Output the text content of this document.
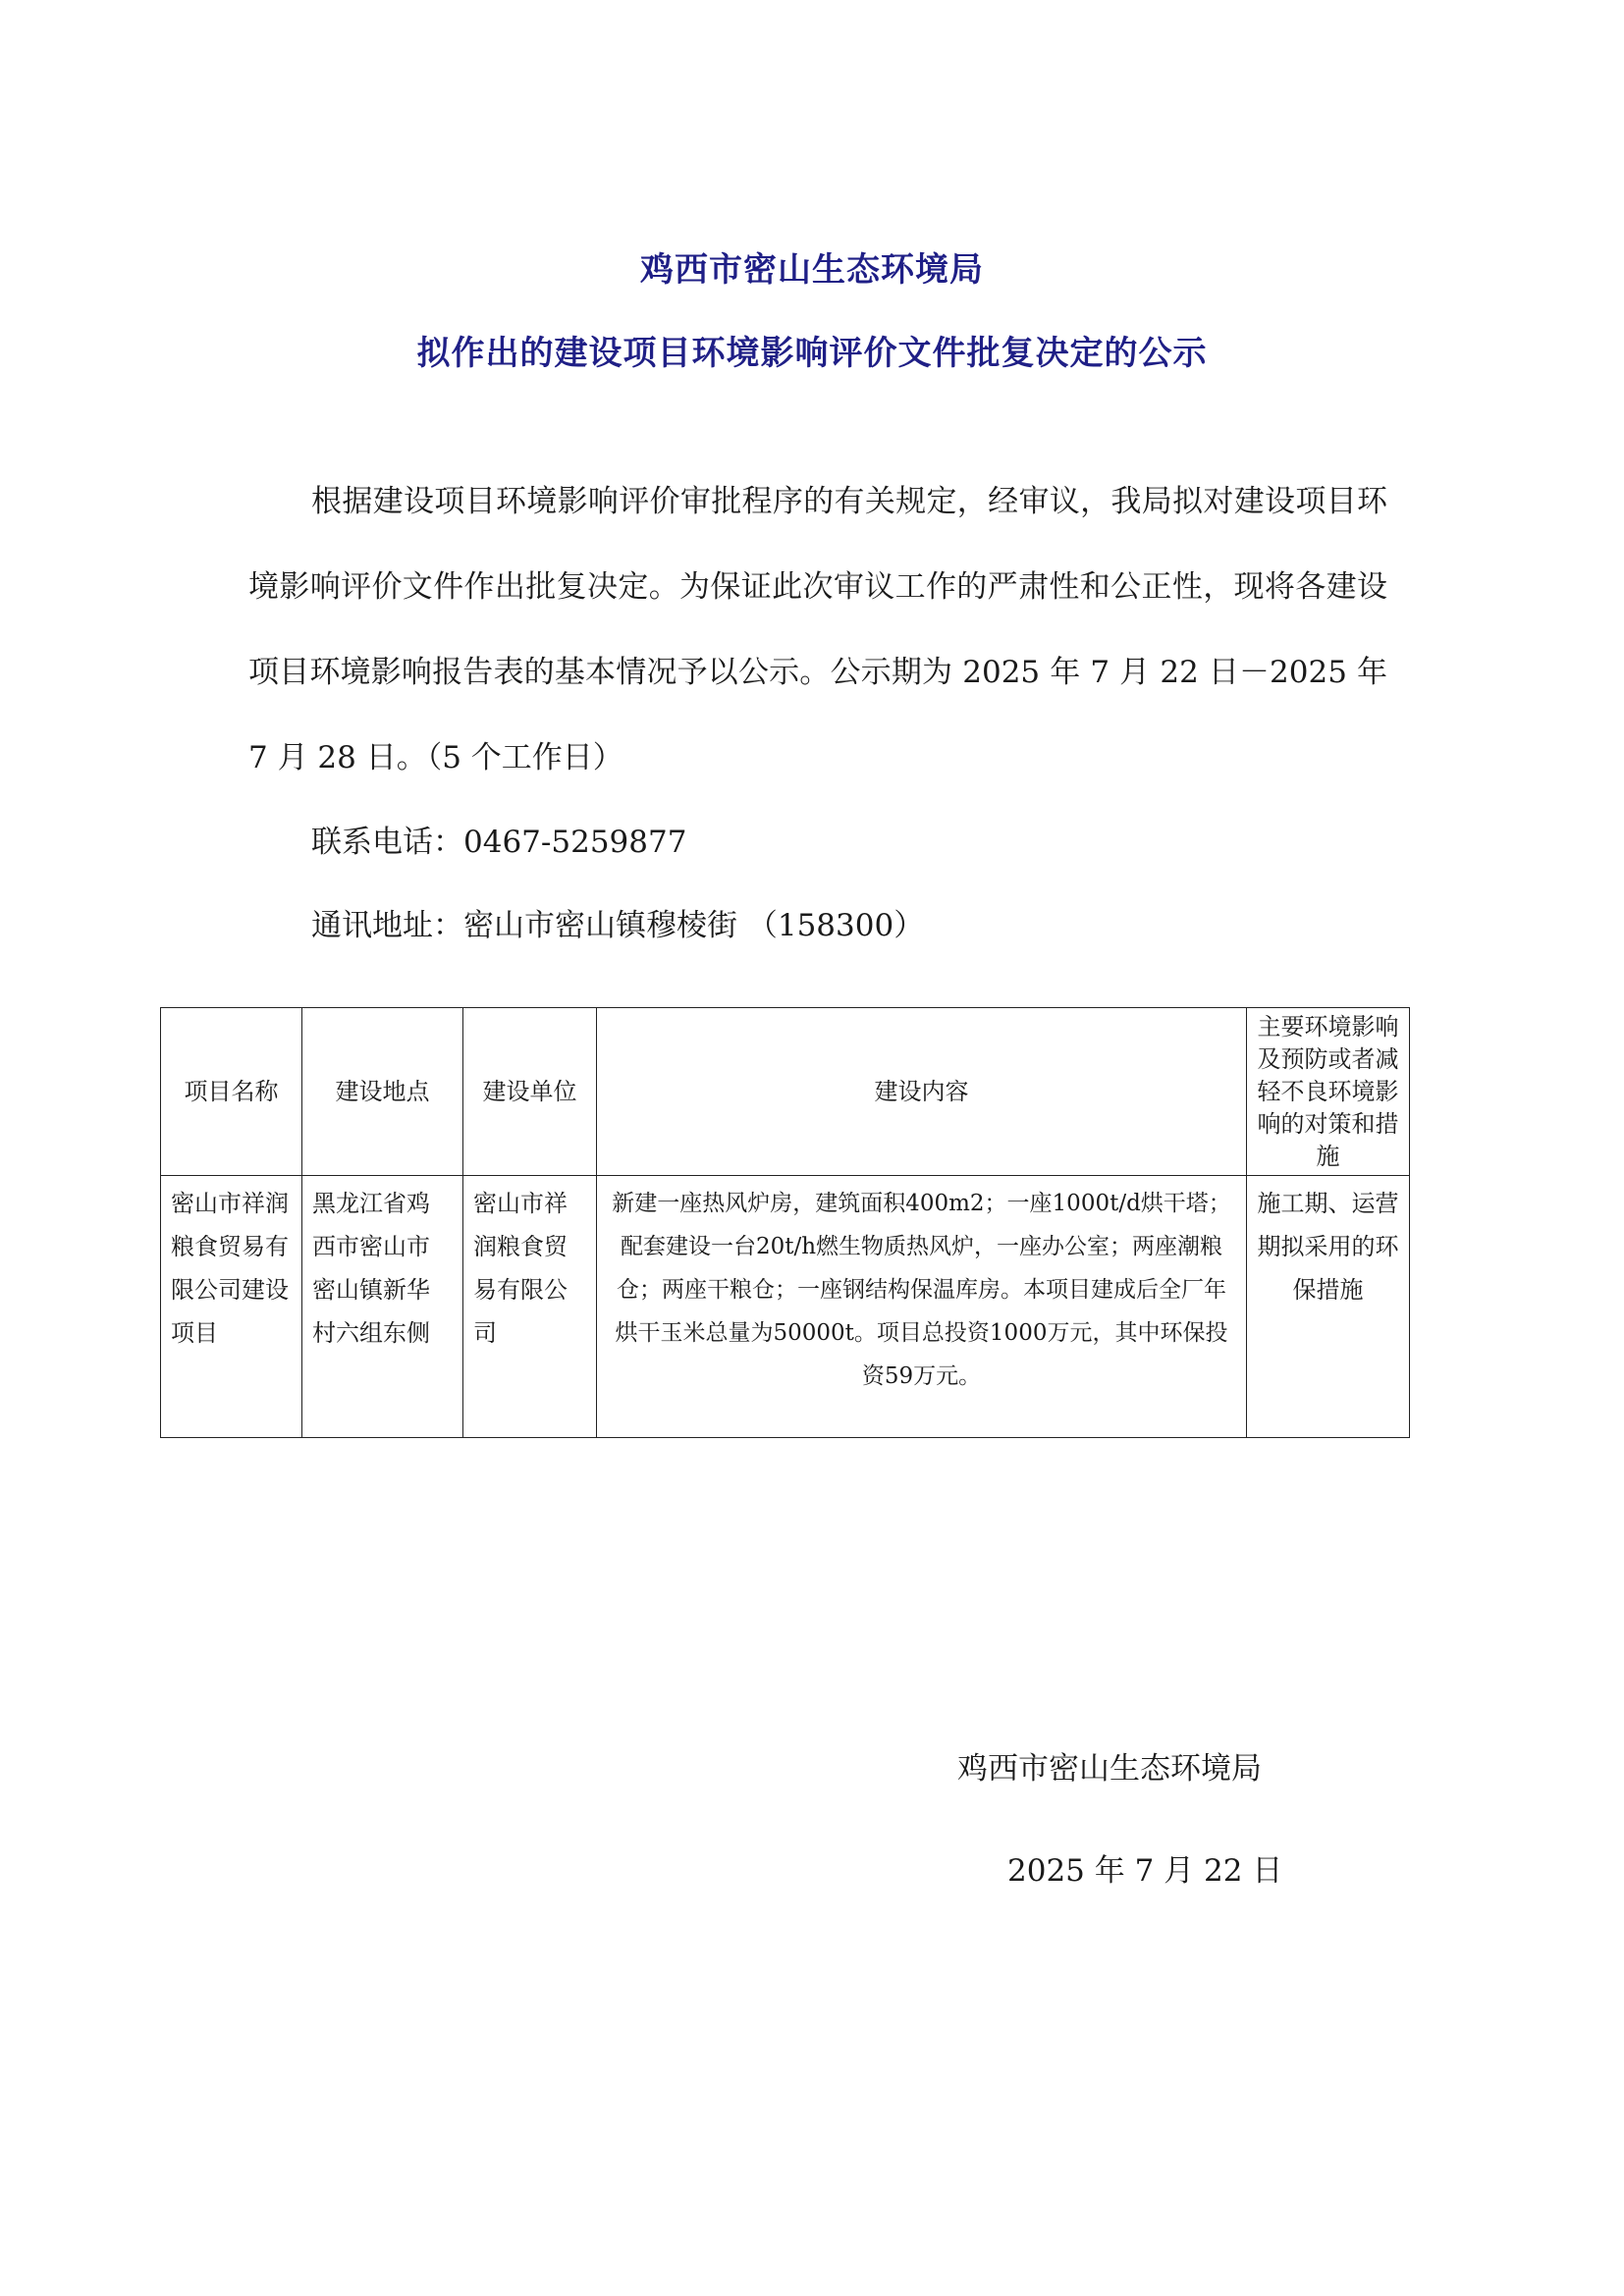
鸡西市密山生态环境局
拟作出的建设项目环境影响评价文件批复决定的公示

根据建设项目环境影响评价审批程序的有关规定，经审议，我局拟对建设项目环境影响评价文件作出批复决定。为保证此次审议工作的严肃性和公正性，现将各建设项目环境影响报告表的基本情况予以公示。公示期为 2025 年 7 月 22 日－2025 年 7 月 28 日。（5 个工作日）

联系电话：0467-5259877
通讯地址：密山市密山镇穆棱街 （158300）
项目名称	建设地点	建设单位	建设内容	主要环境影响及预防或者减轻不良环境影响的对策和措施
密山市祥润粮食贸易有限公司建设项目	黑龙江省鸡西市密山市密山镇新华村六组东侧	密山市祥润粮食贸易有限公司	新建一座热风炉房，建筑面积400m2；一座1000t/d烘干塔；配套建设一台20t/h燃生物质热风炉，一座办公室；两座潮粮仓；两座干粮仓；一座钢结构保温库房。本项目建成后全厂年烘干玉米总量为50000t。项目总投资1000万元，其中环保投资59万元。	施工期、运营期拟采用的环保措施
鸡西市密山生态环境局
2025 年 7 月 22 日
